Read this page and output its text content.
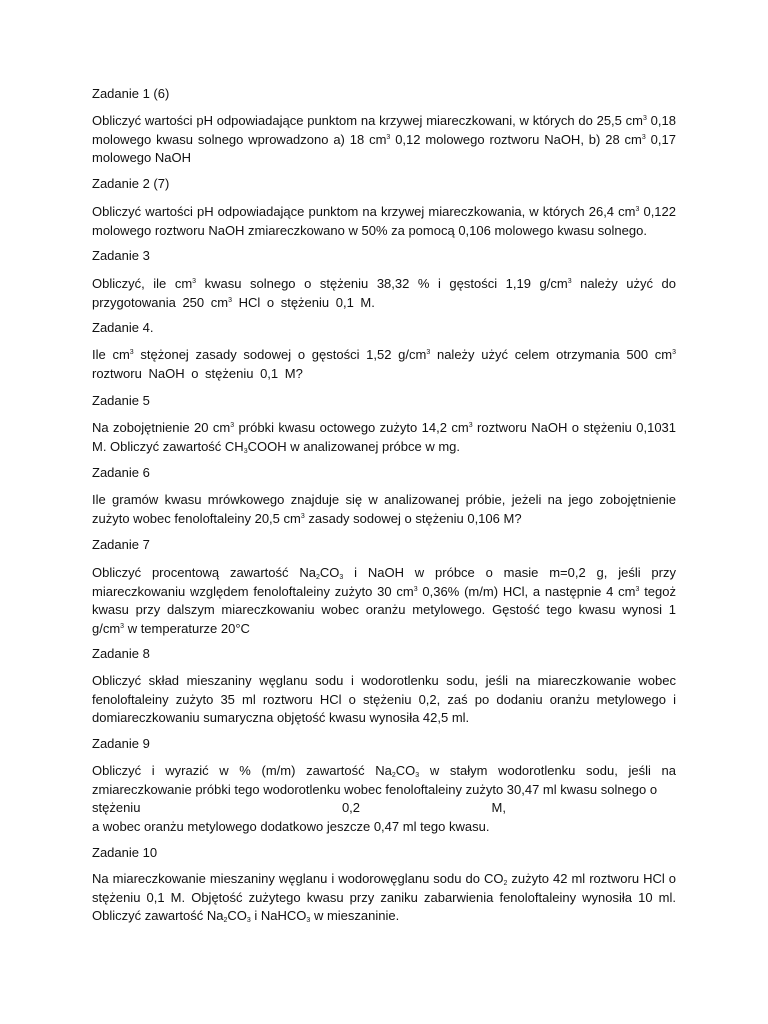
Zadanie 1 (6)
Obliczyć wartości pH odpowiadające punktom na krzywej miareczkowani, w których do 25,5 $cm^3$ 0,18 molowego kwasu solnego wprowadzono a) 18 $cm^3$ 0,12 molowego roztworu NaOH, b) 28 $cm^3$ 0,17 molowego NaOH
Zadanie 2 (7)
Obliczyć wartości pH odpowiadające punktom na krzywej miareczkowania, w których 26,4 $cm^3$ 0,122 molowego roztworu NaOH zmiareczkowano w 50% za pomocą 0,106 molowego kwasu solnego.
Zadanie 3
Obliczyć, ile $cm^3$ kwasu solnego o stężeniu 38,32 % i gęstości 1,19 $g/cm^3$ należy użyć do przygotowania 250 $cm^3$ HCl o stężeniu 0,1 M.
Zadanie 4.
Ile $cm^3$ stężonej zasady sodowej o gęstości 1,52 $g/cm^3$ należy użyć celem otrzymania 500 $cm^3$ roztworu NaOH o stężeniu 0,1 M?
Zadanie 5
Na zobojętnienie 20 $cm^3$ próbki kwasu octowego zużyto 14,2 $cm^3$ roztworu NaOH o stężeniu 0,1031 M. Obliczyć zawartość $CH_3COOH$ w analizowanej próbce w mg.
Zadanie 6
Ile gramów kwasu mrówkowego znajduje się w analizowanej próbie, jeżeli na jego zobojętnienie zużyto wobec fenoloftaleiny 20,5 $cm^3$ zasady sodowej o stężeniu 0,106 M?
Zadanie 7
Obliczyć procentową zawartość $Na_2CO_3$ i NaOH w próbce o masie m=0,2 g, jeśli przy miareczkowaniu względem fenoloftaleiny zużyto 30 $cm^3$ 0,36% (m/m) HCl, a następnie 4 $cm^3$ tegoż kwasu przy dalszym miareczkowaniu wobec oranżu metylowego. Gęstość tego kwasu wynosi 1 $g/cm^3$ w temperaturze 20°C
Zadanie 8
Obliczyć skład mieszaniny węglanu sodu i wodorotlenku sodu, jeśli na miareczkowanie wobec fenoloftaleiny zużyto 35 ml roztworu HCl o stężeniu 0,2, zaś po dodaniu oranżu metylowego i domiareczkowaniu sumaryczna objętość kwasu wynosiła 42,5 ml.
Zadanie 9
Obliczyć i wyrazić w % (m/m) zawartość $Na_2CO_3$ w stałym wodorotlenku sodu, jeśli na zmiareczkowanie próbki tego wodorotlenku wobec fenoloftaleiny zużyto 30,47 ml kwasu solnego o
stężeniu	0,2	M,
a wobec oranżu metylowego dodatkowo jeszcze 0,47 ml tego kwasu.
Zadanie 10
Na miareczkowanie mieszaniny węglanu i wodorowęglanu sodu do $CO_2$ zużyto 42 ml roztworu HCl o stężeniu 0,1 M. Objętość zużytego kwasu przy zaniku zabarwienia fenoloftaleiny wynosiła 10 ml. Obliczyć zawartość $Na_2CO_3$ i NaHCO$_3$ w mieszaninie.
